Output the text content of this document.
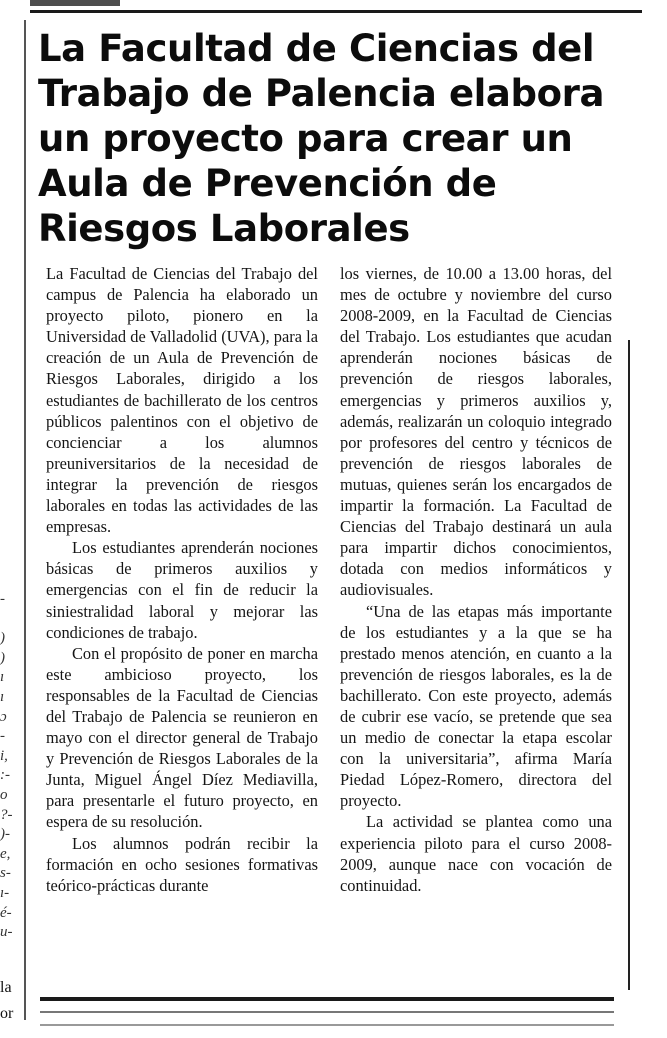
La Facultad de Ciencias del Trabajo de Palencia elabora un proyecto para crear un Aula de Prevención de Riesgos Laborales

La Facultad de Ciencias del Trabajo del campus de Palencia ha elaborado un proyecto piloto, pionero en la Universidad de Valladolid (UVA), para la creación de un Aula de Prevención de Riesgos Laborales, dirigido a los estudiantes de bachillerato de los centros públicos palentinos con el objetivo de concienciar a los alumnos preuniversitarios de la necesidad de integrar la prevención de riesgos laborales en todas las actividades de las empresas.

Los estudiantes aprenderán nociones básicas de primeros auxilios y emergencias con el fin de reducir la siniestralidad laboral y mejorar las condiciones de trabajo.

Con el propósito de poner en marcha este ambicioso proyecto, los responsables de la Facultad de Ciencias del Trabajo de Palencia se reunieron en mayo con el director general de Trabajo y Prevención de Riesgos Laborales de la Junta, Miguel Ángel Díez Mediavilla, para presentarle el futuro proyecto, en espera de su resolución.

Los alumnos podrán recibir la formación en ocho sesiones formativas teórico-prácticas durante

los viernes, de 10.00 a 13.00 horas, del mes de octubre y noviembre del curso 2008-2009, en la Facultad de Ciencias del Trabajo. Los estudiantes que acudan aprenderán nociones básicas de prevención de riesgos laborales, emergencias y primeros auxilios y, además, realizarán un coloquio integrado por profesores del centro y técnicos de prevención de riesgos laborales de mutuas, quienes serán los encargados de impartir la formación. La Facultad de Ciencias del Trabajo destinará un aula para impartir dichos conocimientos, dotada con medios informáticos y audiovisuales.

“Una de las etapas más importante de los estudiantes y a la que se ha prestado menos atención, en cuanto a la prevención de riesgos laborales, es la de bachillerato. Con este proyecto, además de cubrir ese vacío, se pretende que sea un medio de conectar la etapa escolar con la universitaria”, afirma María Piedad López-Romero, directora del proyecto.

La actividad se plantea como una experiencia piloto para el curso 2008-2009, aunque nace con vocación de continuidad.

-
)
)
ı
ı
ɔ
-
i,
:-
o
?-
)-
e,
s-
ı-
é-
u-
la
or
